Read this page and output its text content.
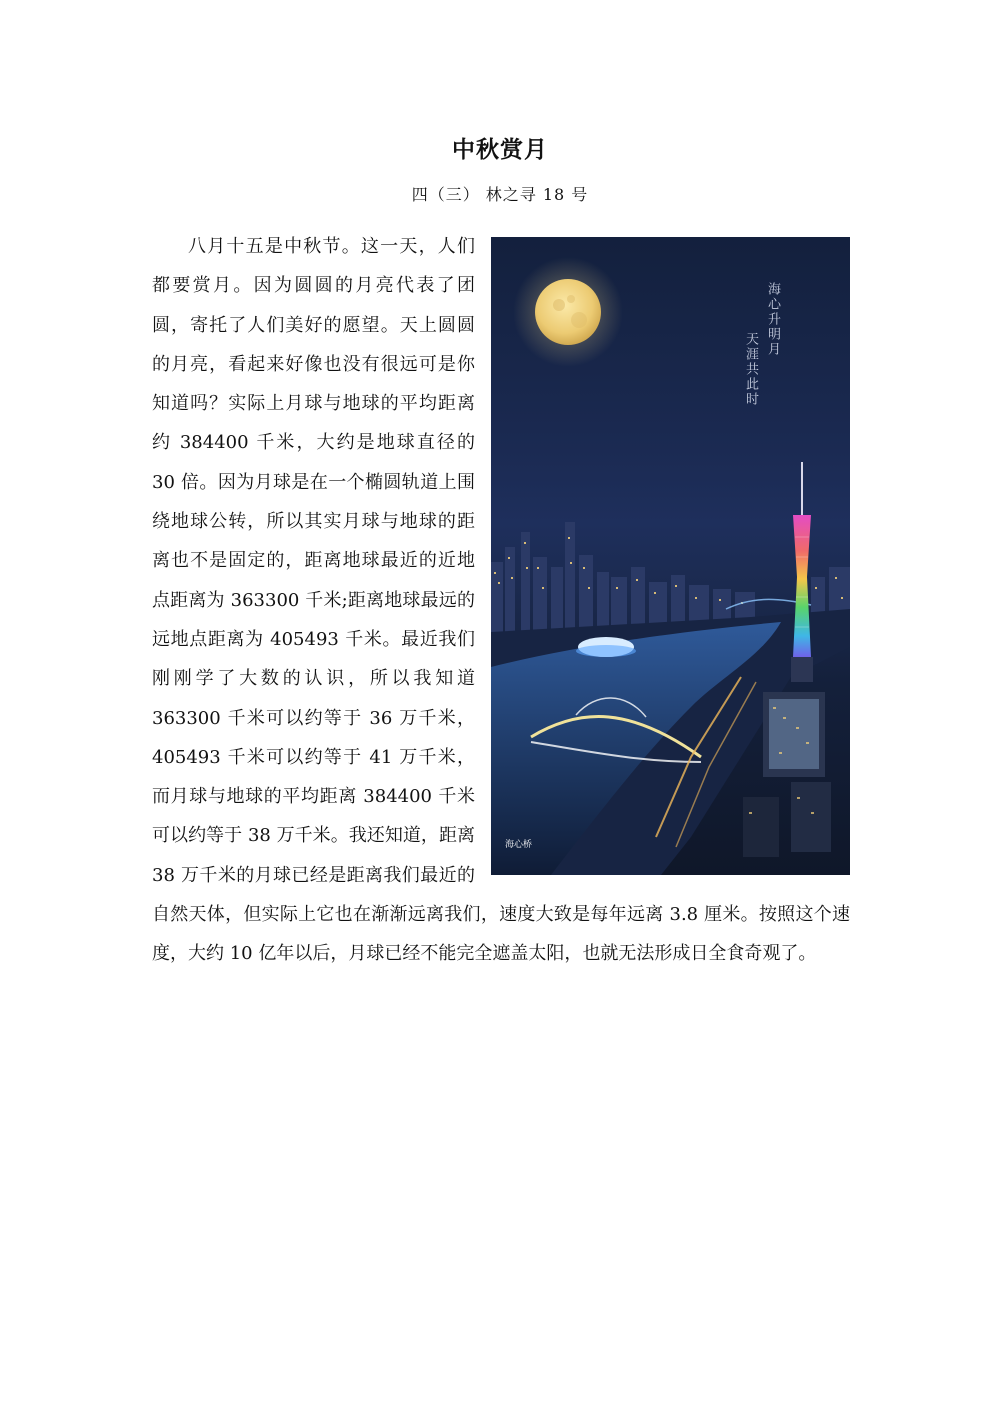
中秋赏月
四（三） 林之寻 18 号
海心升明月
天涯共此时
海心桥
八月十五是中秋节。这一天，人们都要赏月。因为圆圆的月亮代表了团圆，寄托了人们美好的愿望。天上圆圆的月亮，看起来好像也没有很远可是你知道吗？实际上月球与地球的平均距离约 384400 千米，大约是地球直径的 30 倍。因为月球是在一个椭圆轨道上围绕地球公转，所以其实月球与地球的距离也不是固定的，距离地球最近的近地点距离为 363300 千米;距离地球最远的远地点距离为 405493 千米。最近我们刚刚学了大数的认识，所以我知道 363300 千米可以约等于 36 万千米，405493 千米可以约等于 41 万千米，而月球与地球的平均距离 384400 千米可以约等于 38 万千米。我还知道，距离 38 万千米的月球已经是距离我们最近的自然天体，但实际上它也在渐渐远离我们，速度大致是每年远离 3.8 厘米。按照这个速度，大约 10 亿年以后，月球已经不能完全遮盖太阳，也就无法形成日全食奇观了。
